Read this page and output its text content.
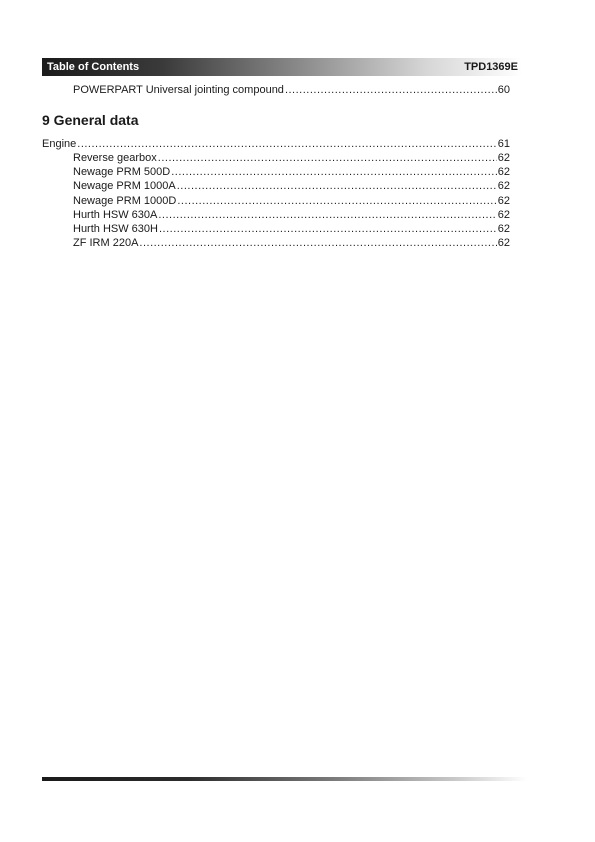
Table of Contents	TPD1369E
POWERPART Universal jointing compound .....	60
9 General data
Engine .....	61
Reverse gearbox .....	62
Newage PRM 500D .....	62
Newage PRM 1000A .....	62
Newage PRM 1000D .....	62
Hurth HSW 630A .....	62
Hurth HSW 630H .....	62
ZF IRM 220A .....	62
